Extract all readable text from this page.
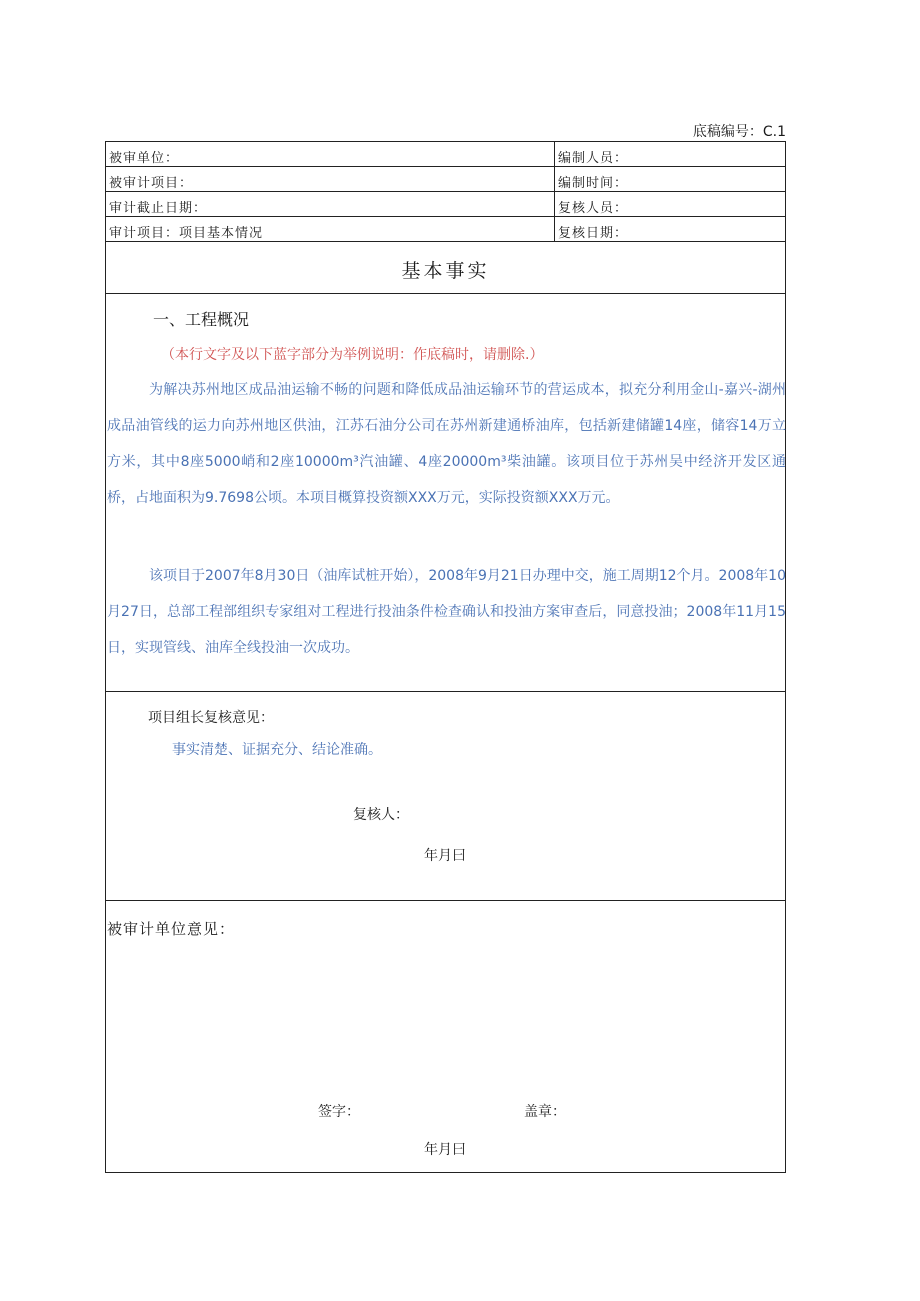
底稿编号：C.1
被审单位：	编制人员：
被审计项目：	编制时间：
审计截止日期：	复核人员：
审计项目：项目基本情况	复核日期：
基本事实
一、工程概况
（本行文字及以下蓝字部分为举例说明：作底稿时，请删除.）
为解决苏州地区成品油运输不畅的问题和降低成品油运输环节的营运成本，拟充分利用金山-嘉兴-湖州成品油管线的运力向苏州地区供油，江苏石油分公司在苏州新建通桥油库，包括新建储罐14座，储容14万立方米，其中8座5000峭和2座10000m³汽油罐、4座20000m³柴油罐。该项目位于苏州吴中经济开发区通桥，占地面积为9.7698公顷。本项目概算投资额XXX万元，实际投资额XXX万元。
该项目于2007年8月30日（油库试桩开始），2008年9月21日办理中交，施工周期12个月。2008年10月27日，总部工程部组织专家组对工程进行投油条件检查确认和投油方案审查后，同意投油；2008年11月15日，实现管线、油库全线投油一次成功。
项目组长复核意见：
事实清楚、证据充分、结论准确。
复核人：
年月曰
被审计单位意见：
签字：	盖章：
年月曰
